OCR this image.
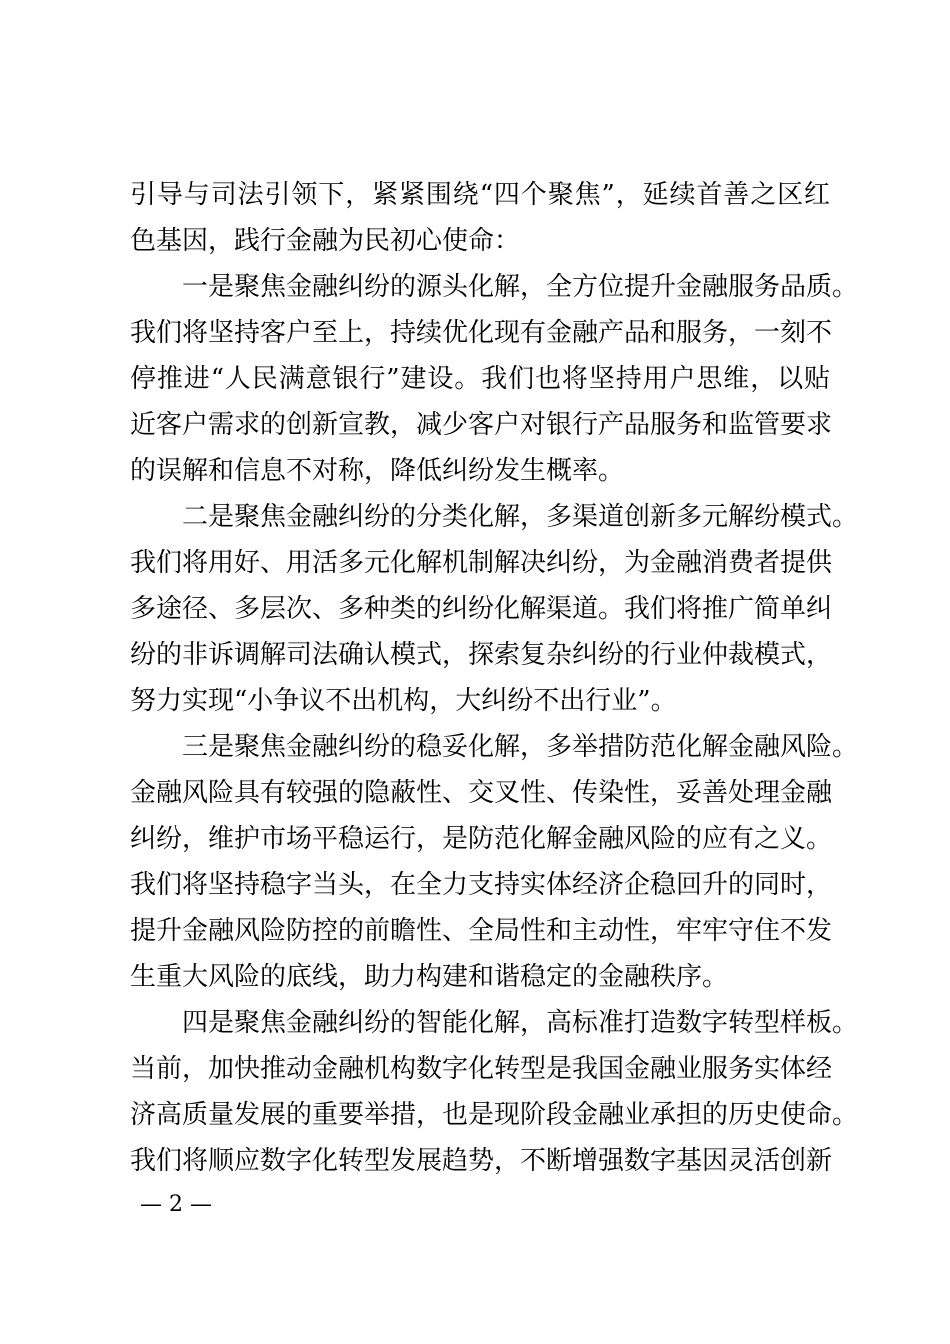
引导与司法引领下，紧紧围绕“四个聚焦”，延续首善之区红
色基因，践行金融为民初心使命：
一是聚焦金融纠纷的源头化解，全方位提升金融服务品质。
我们将坚持客户至上，持续优化现有金融产品和服务，一刻不
停推进“人民满意银行”建设。我们也将坚持用户思维，以贴
近客户需求的创新宣教，减少客户对银行产品服务和监管要求
的误解和信息不对称，降低纠纷发生概率。
二是聚焦金融纠纷的分类化解，多渠道创新多元解纷模式。
我们将用好、用活多元化解机制解决纠纷，为金融消费者提供
多途径、多层次、多种类的纠纷化解渠道。我们将推广简单纠
纷的非诉调解司法确认模式，探索复杂纠纷的行业仲裁模式，
努力实现“小争议不出机构，大纠纷不出行业”。
三是聚焦金融纠纷的稳妥化解，多举措防范化解金融风险。
金融风险具有较强的隐蔽性、交叉性、传染性，妥善处理金融
纠纷，维护市场平稳运行，是防范化解金融风险的应有之义。
我们将坚持稳字当头，在全力支持实体经济企稳回升的同时，
提升金融风险防控的前瞻性、全局性和主动性，牢牢守住不发
生重大风险的底线，助力构建和谐稳定的金融秩序。
四是聚焦金融纠纷的智能化解，高标准打造数字转型样板。
当前，加快推动金融机构数字化转型是我国金融业服务实体经
济高质量发展的重要举措，也是现阶段金融业承担的历史使命。
我们将顺应数字化转型发展趋势，不断增强数字基因灵活创新
— 2 —
